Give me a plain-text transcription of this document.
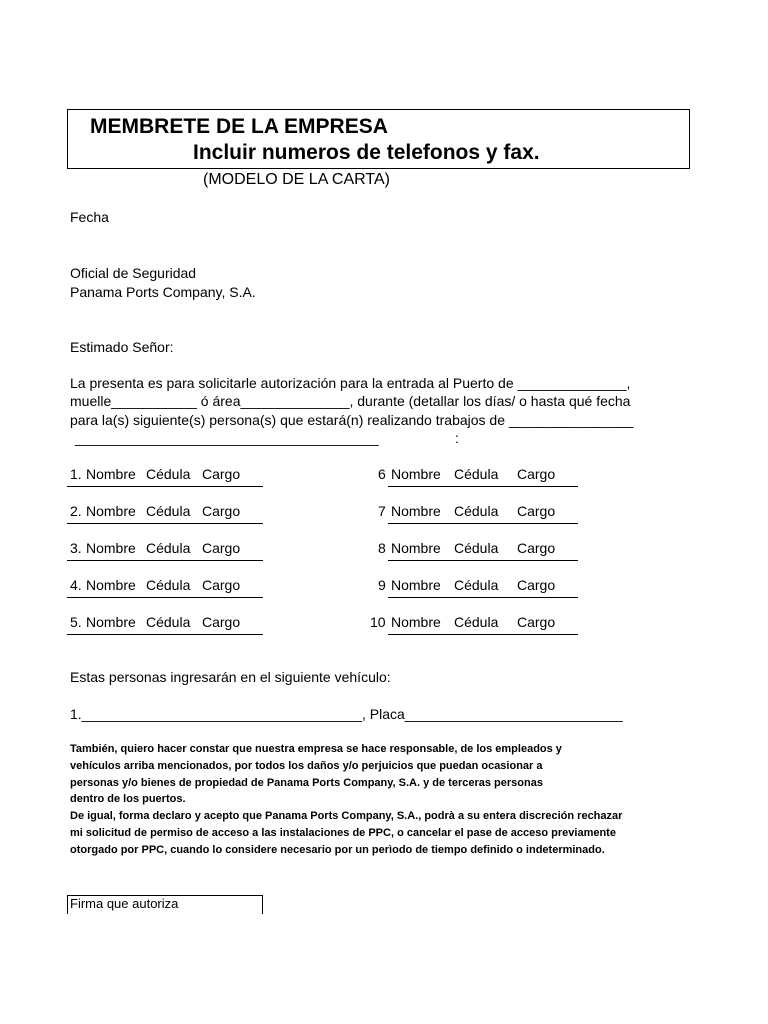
MEMBRETE DE LA EMPRESA
Incluir numeros de telefonos y fax.
(MODELO DE LA CARTA)
Fecha
Oficial de Seguridad
Panama Ports Company, S.A.
Estimado Señor:
La presenta es para solicitarle autorización para la entrada al Puerto de ______________,
muelle___________ ó área______________, durante (detallar los días/ o hasta qué fecha
para la(s) siguiente(s) persona(s) que estará(n) realizando trabajos de ________________
_______________________________________	:
1. Nombre Cédula Cargo
2. Nombre Cédula Cargo
3. Nombre Cédula Cargo
4. Nombre Cédula Cargo
5. Nombre Cédula Cargo
6 Nombre Cédula Cargo
7 Nombre Cédula Cargo
8 Nombre Cédula Cargo
9 Nombre Cédula Cargo
10 Nombre Cédula Cargo
Estas personas ingresarán en el siguiente vehículo:
1.____________________________________, Placa____________________________
También, quiero hacer constar que nuestra empresa se hace responsable, de los empleados y
vehículos arriba mencionados, por todos los daños y/o perjuicios que puedan ocasionar a
personas y/o bienes de propiedad de Panama Ports Company, S.A. y de terceras personas
dentro de los puertos.
De igual, forma declaro y acepto que Panama Ports Company, S.A., podrà a su entera discreción rechazar
mi solicitud de permiso de acceso a las instalaciones de PPC, o cancelar el pase de acceso previamente
otorgado por PPC, cuando lo considere necesario por un perìodo de tiempo definido o indeterminado.
Firma que autoriza
